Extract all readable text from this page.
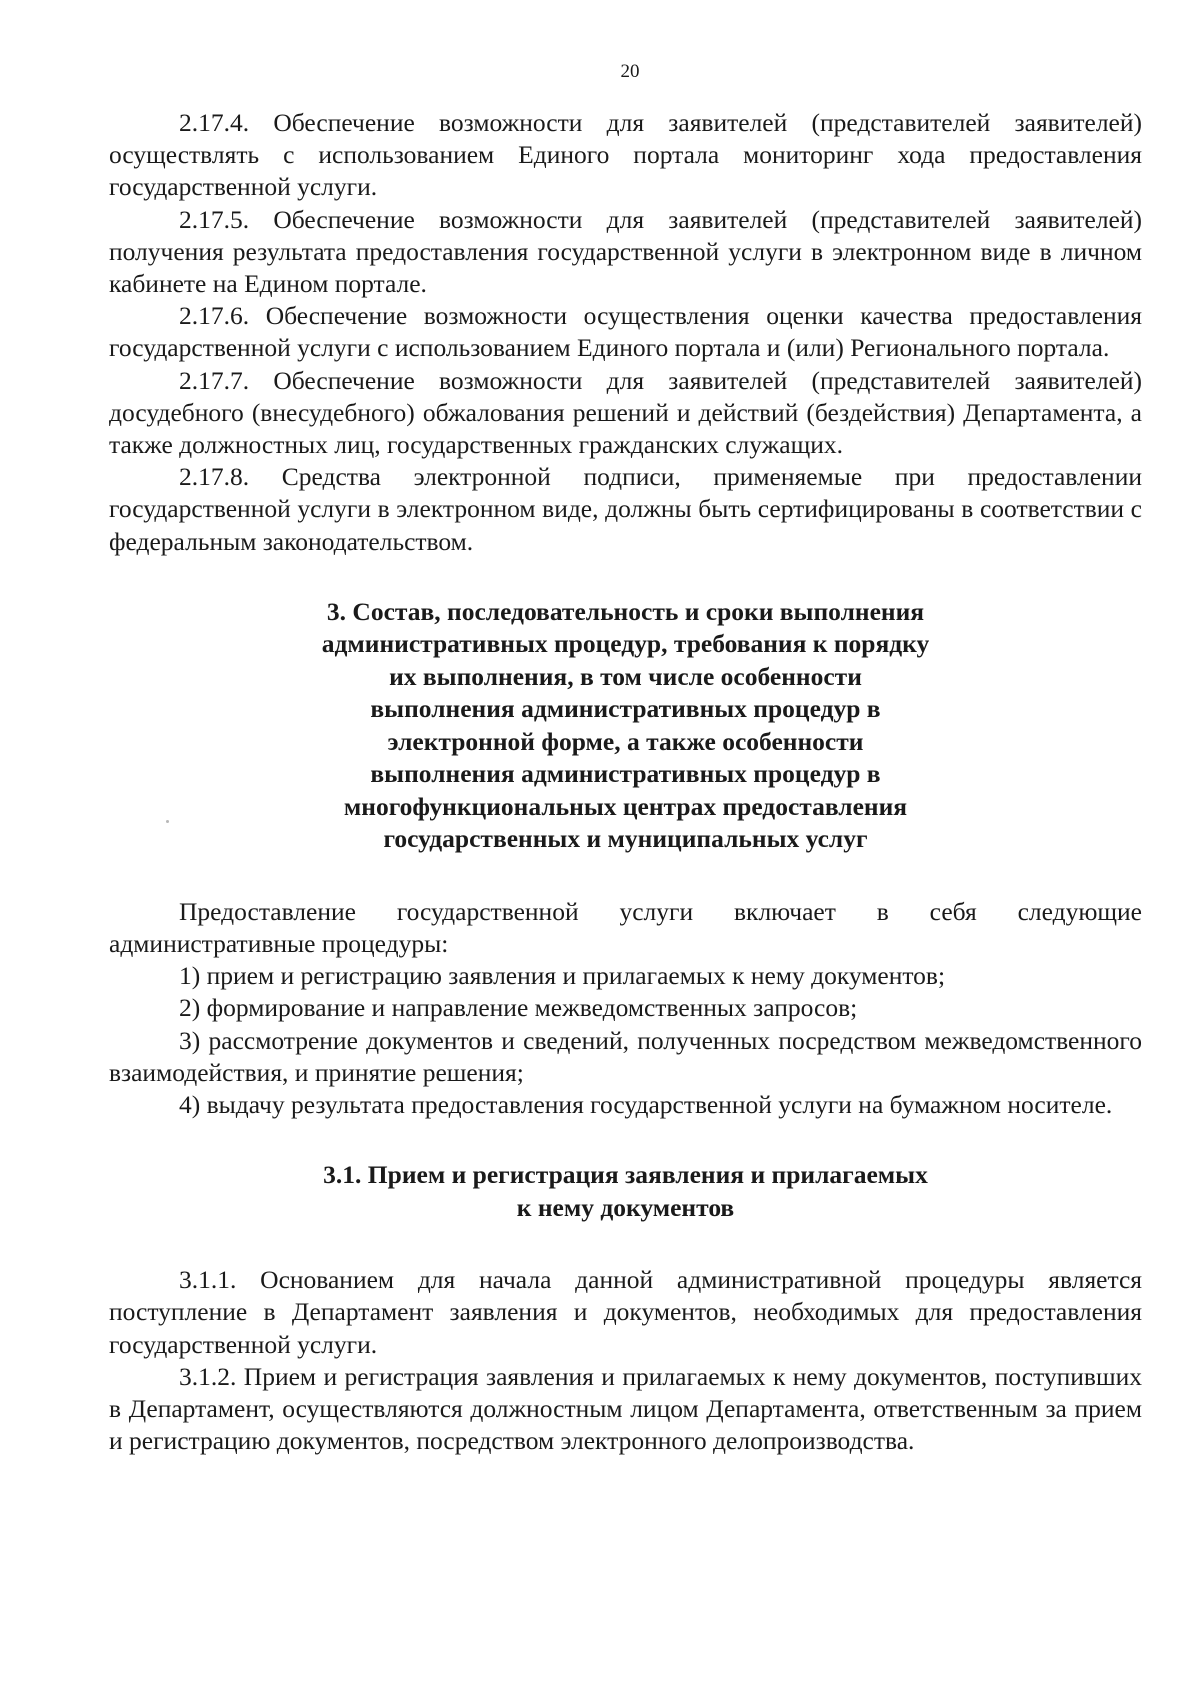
20

2.17.4. Обеспечение возможности для заявителей (представителей заявителей) осуществлять с использованием Единого портала мониторинг хода предоставления государственной услуги.

2.17.5. Обеспечение возможности для заявителей (представителей заявителей) получения результата предоставления государственной услуги в электронном виде в личном кабинете на Едином портале.

2.17.6. Обеспечение возможности осуществления оценки качества предоставления государственной услуги с использованием Единого портала и (или) Регионального портала.

2.17.7. Обеспечение возможности для заявителей (представителей заявителей) досудебного (внесудебного) обжалования решений и действий (бездействия) Департамента, а также должностных лиц, государственных гражданских служащих.

2.17.8. Средства электронной подписи, применяемые при предоставлении государственной услуги в электронном виде, должны быть сертифицированы в соответствии с федеральным законодательством.

3. Состав, последовательность и сроки выполнения

административных процедур, требования к порядку

их выполнения, в том числе особенности

выполнения административных процедур в

электронной форме, а также особенности

выполнения административных процедур в

многофункциональных центрах предоставления

государственных и муниципальных услуг

Предоставление государственной услуги включает в себя следующие административные процедуры:

1) прием и регистрацию заявления и прилагаемых к нему документов;

2) формирование и направление межведомственных запросов;

3) рассмотрение документов и сведений, полученных посредством межведомственного взаимодействия, и принятие решения;

4) выдачу результата предоставления государственной услуги на бумажном носителе.

3.1. Прием и регистрация заявления и прилагаемых

к нему документов

3.1.1. Основанием для начала данной административной процедуры является поступление в Департамент заявления и документов, необходимых для предоставления государственной услуги.

3.1.2. Прием и регистрация заявления и прилагаемых к нему документов, поступивших в Департамент, осуществляются должностным лицом Департамента, ответственным за прием и регистрацию документов, посредством электронного делопроизводства.
